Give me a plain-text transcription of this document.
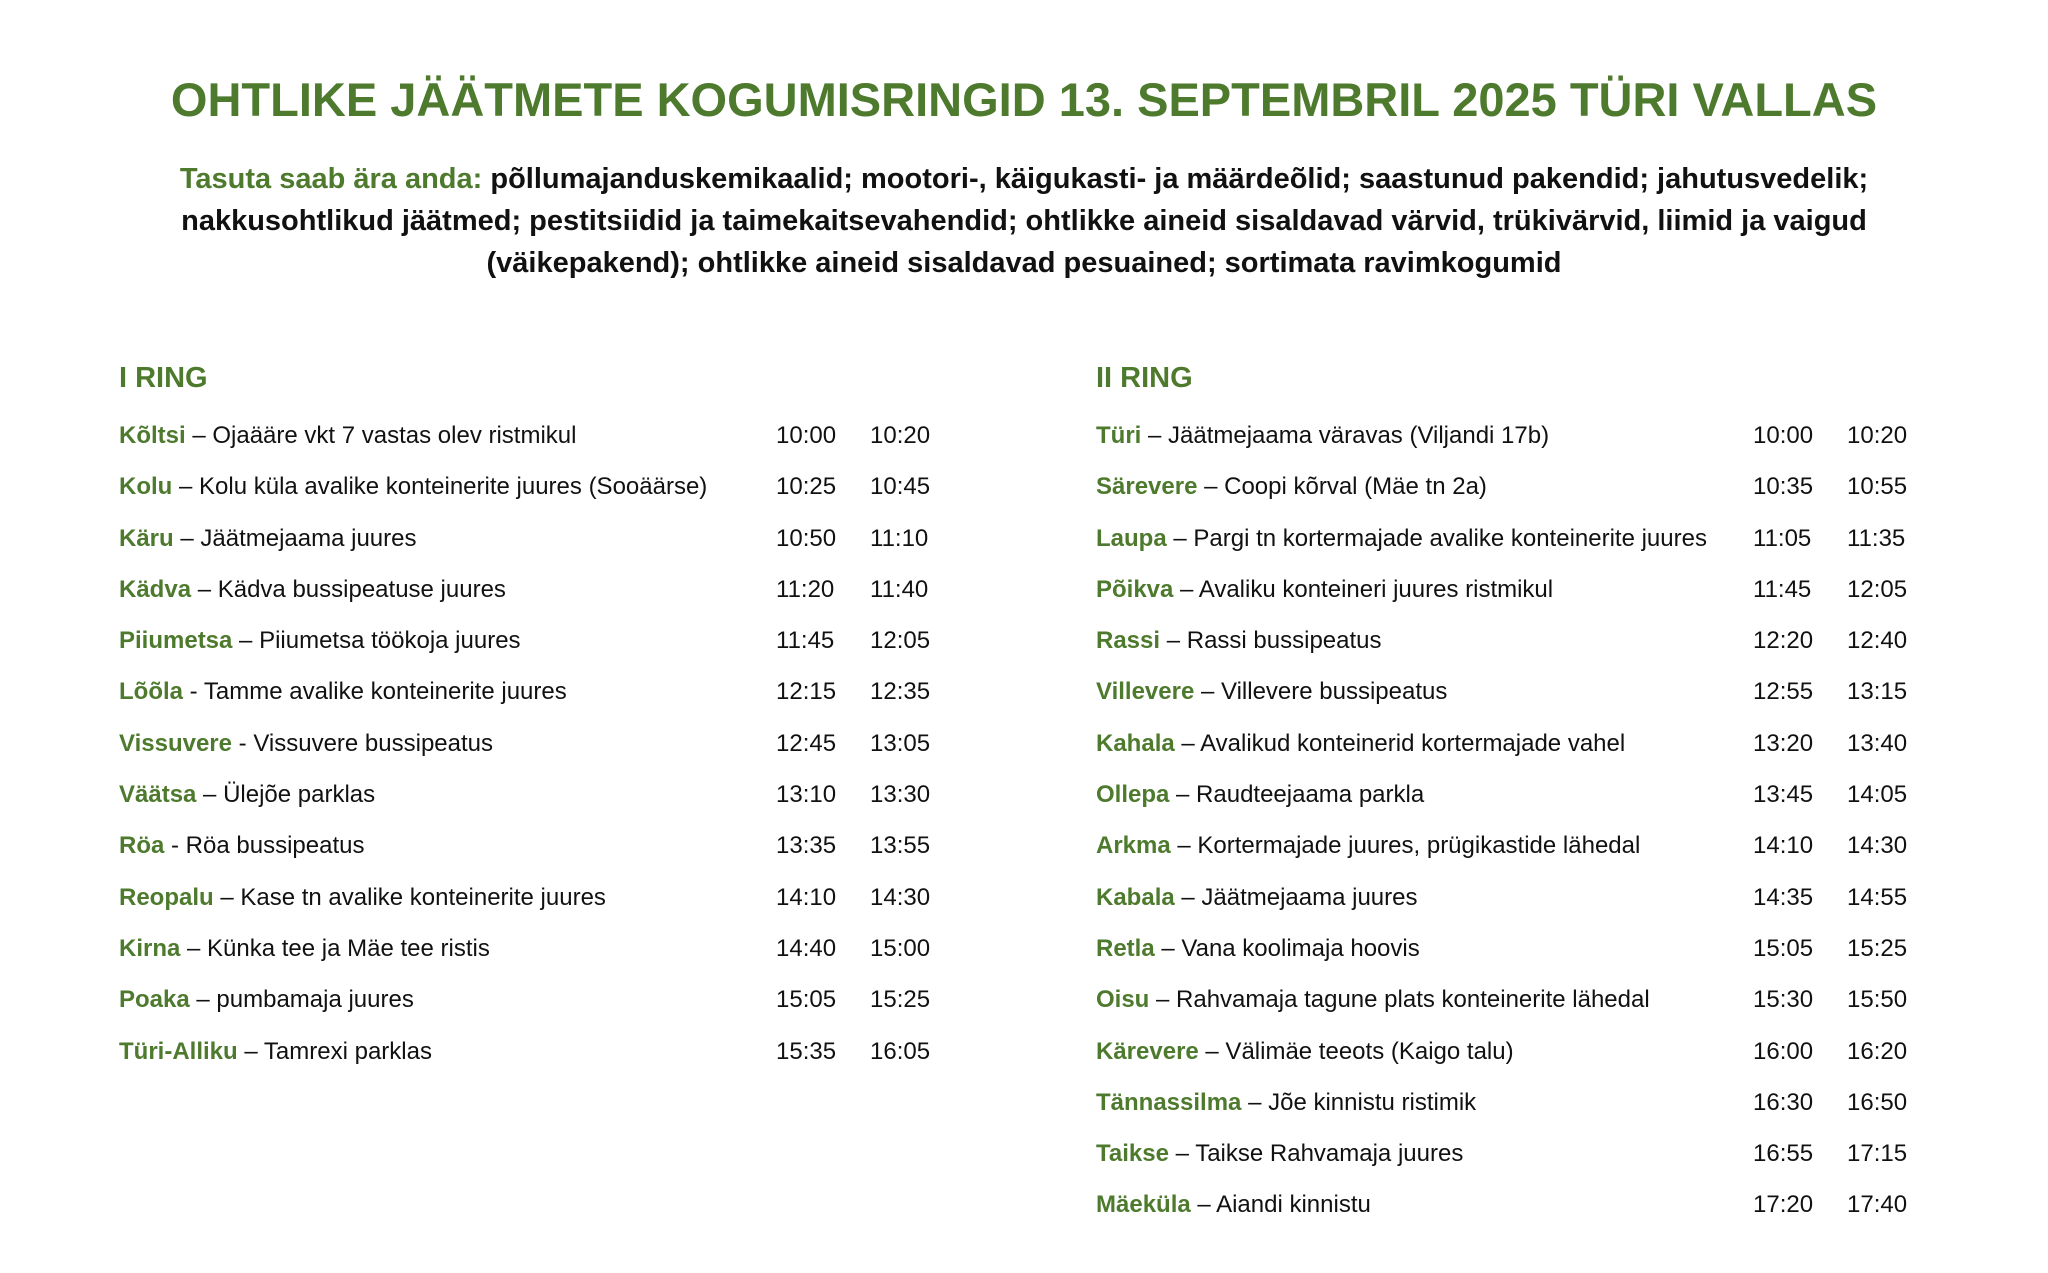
OHTLIKE JÄÄTMETE KOGUMISRINGID 13. SEPTEMBRIL 2025 TÜRI VALLAS

Tasuta saab ära anda: põllumajanduskemikaalid; mootori-, käigukasti- ja määrdeõlid; saastunud pakendid; jahutusvedelik; nakkusohtlikud jäätmed; pestitsiidid ja taimekaitsevahendid; ohtlikke aineid sisaldavad värvid, trükivärvid, liimid ja vaigud (väikepakend); ohtlikke aineid sisaldavad pesuained; sortimata ravimkogumid

I RING
Kõltsi – Ojaääre vkt 7 vastas olev ristmikul	10:00	10:20
Kolu – Kolu küla avalike konteinerite juures (Sooäärse)	10:25	10:45
Käru – Jäätmejaama juures	10:50	11:10
Kädva – Kädva bussipeatuse juures	11:20	11:40
Piiumetsa – Piiumetsa töökoja juures	11:45	12:05
Lõõla - Tamme avalike konteinerite juures	12:15	12:35
Vissuvere - Vissuvere bussipeatus	12:45	13:05
Väätsa – Ülejõe parklas	13:10	13:30
Röa - Röa bussipeatus	13:35	13:55
Reopalu – Kase tn avalike konteinerite juures	14:10	14:30
Kirna – Künka tee ja Mäe tee ristis	14:40	15:00
Poaka – pumbamaja juures	15:05	15:25
Türi-Alliku – Tamrexi parklas	15:35	16:05
II RING
Türi – Jäätmejaama väravas (Viljandi 17b)	10:00	10:20
Särevere – Coopi kõrval (Mäe tn 2a)	10:35	10:55
Laupa – Pargi tn kortermajade avalike konteinerite juures	11:05	11:35
Põikva – Avaliku konteineri juures ristmikul	11:45	12:05
Rassi – Rassi bussipeatus	12:20	12:40
Villevere – Villevere bussipeatus	12:55	13:15
Kahala – Avalikud konteinerid kortermajade vahel	13:20	13:40
Ollepa – Raudteejaama parkla	13:45	14:05
Arkma – Kortermajade juures, prügikastide lähedal	14:10	14:30
Kabala – Jäätmejaama juures	14:35	14:55
Retla – Vana koolimaja hoovis	15:05	15:25
Oisu – Rahvamaja tagune plats konteinerite lähedal	15:30	15:50
Kärevere – Välimäe teeots (Kaigo talu)	16:00	16:20
Tännassilma – Jõe kinnistu ristimik	16:30	16:50
Taikse – Taikse Rahvamaja juures	16:55	17:15
Mäeküla – Aiandi kinnistu	17:20	17:40
